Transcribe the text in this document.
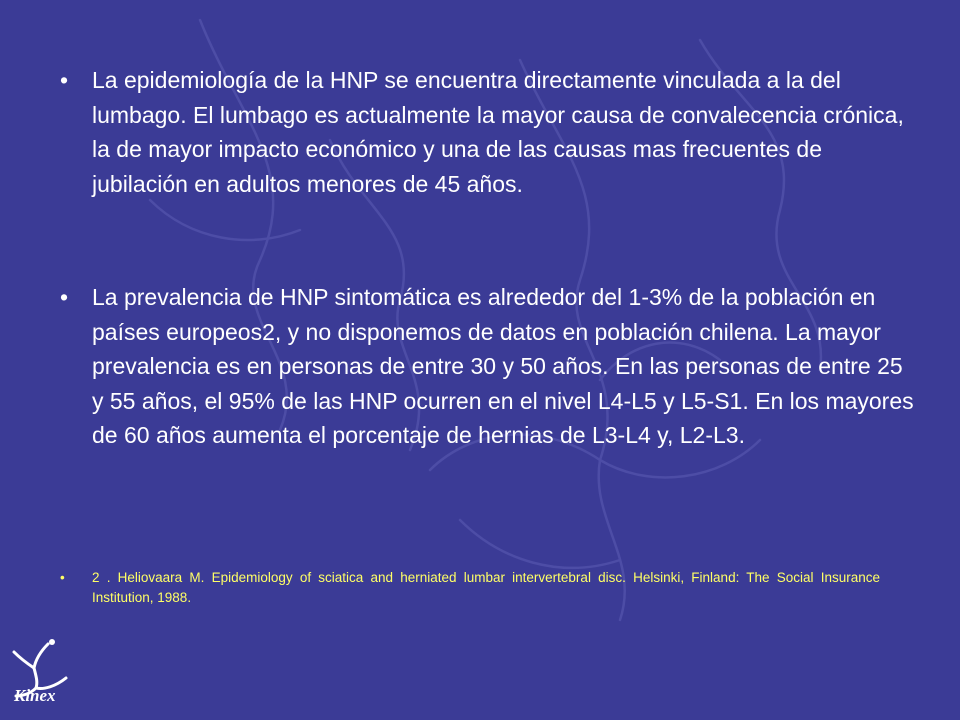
•	La epidemiología de la HNP se encuentra directamente vinculada a la del lumbago. El lumbago es actualmente la mayor causa de convalecencia crónica, la de mayor impacto económico y una de las causas mas frecuentes de jubilación en adultos menores de 45 años.
•	La prevalencia de HNP sintomática es alrededor del 1-3% de la población en países europeos2, y no disponemos de datos en población chilena. La mayor prevalencia es en personas de entre 30 y 50 años. En las personas de entre 25 y 55 años, el 95% de las HNP ocurren en el nivel L4-L5 y L5-S1. En los mayores de 60 años aumenta el porcentaje de hernias de L3-L4 y, L2-L3.
•	2 . Heliovaara M. Epidemiology of sciatica and herniated lumbar intervertebral disc. Helsinki, Finland: The Social Insurance Institution, 1988.
Kinex
